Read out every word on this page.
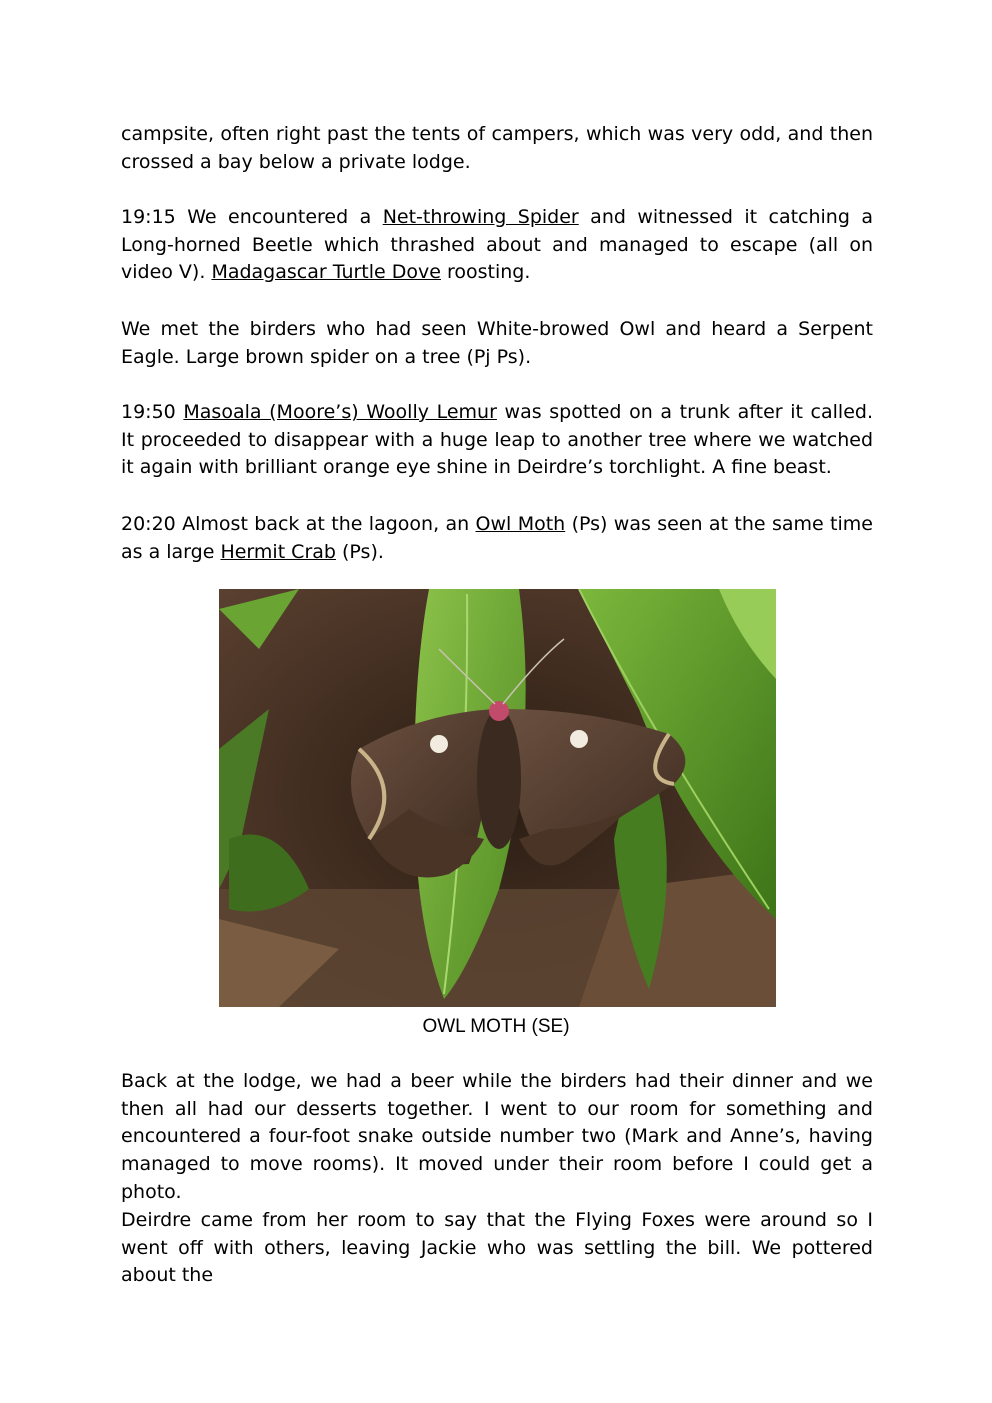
campsite, often right past the tents of campers, which was very odd, and then crossed a bay below a private lodge.

19:15 We encountered a Net-throwing Spider and witnessed it catching a Long-horned Beetle which thrashed about and managed to escape (all on video V). Madagascar Turtle Dove roosting.

We met the birders who had seen White-browed Owl and heard a Serpent Eagle. Large brown spider on a tree (Pj Ps).

19:50 Masoala (Moore’s) Woolly Lemur was spotted on a trunk after it called. It proceeded to disappear with a huge leap to another tree where we watched it again with brilliant orange eye shine in Deirdre’s torchlight. A fine beast.

20:20 Almost back at the lagoon, an Owl Moth (Ps) was seen at the same time as a large Hermit Crab (Ps).

OWL MOTH (SE)

Back at the lodge, we had a beer while the birders had their dinner and we then all had our desserts together. I went to our room for something and encountered a four-foot snake outside number two (Mark and Anne’s, having managed to move rooms). It moved under their room before I could get a photo.

Deirdre came from her room to say that the Flying Foxes were around so I went off with others, leaving Jackie who was settling the bill. We pottered about the
